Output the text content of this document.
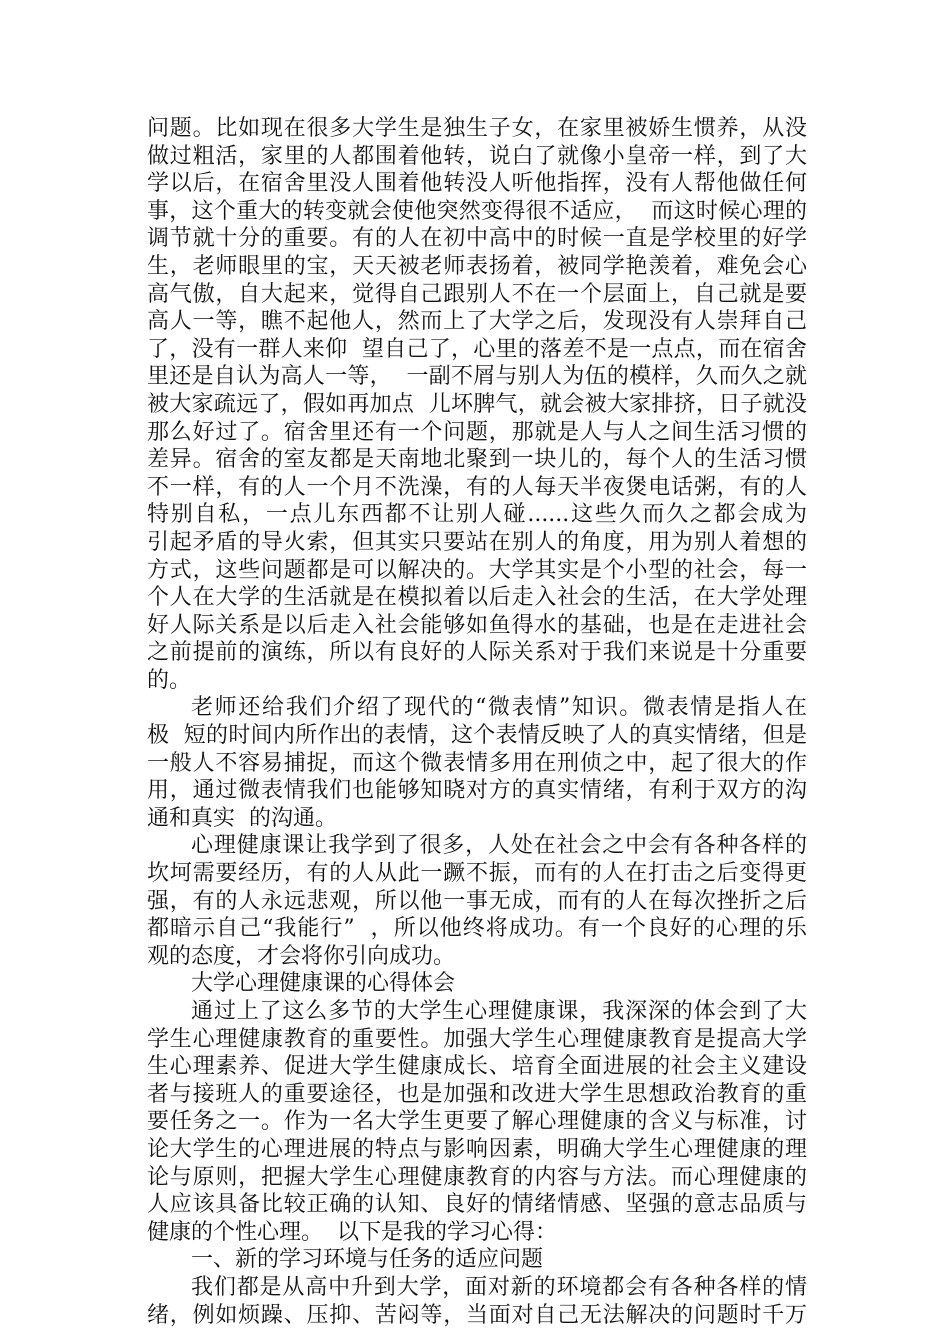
问题。比如现在很多大学生是独生子女，在家里被娇生惯养，从没
做过粗活，家里的人都围着他转，说白了就像小皇帝一样，到了大
学以后，在宿舍里没人围着他转没人听他指挥，没有人帮他做任何
事，这个重大的转变就会使他突然变得很不适应，  而这时候心理的
调节就十分的重要。有的人在初中高中的时候一直是学校里的好学
生，老师眼里的宝，天天被老师表扬着，被同学艳羡着，难免会心
高气傲，自大起来，觉得自己跟别人不在一个层面上，自己就是要
高人一等，瞧不起他人，然而上了大学之后，发现没有人崇拜自己
了，没有一群人来仰  望自己了，心里的落差不是一点点，而在宿舍
里还是自认为高人一等，  一副不屑与别人为伍的模样，久而久之就
被大家疏远了，假如再加点  儿坏脾气，就会被大家排挤，日子就没
那么好过了。宿舍里还有一个问题，那就是人与人之间生活习惯的
差异。宿舍的室友都是天南地北聚到一块儿的，每个人的生活习惯
不一样，有的人一个月不洗澡，有的人每天半夜煲电话粥，有的人
特别自私，一点儿东西都不让别人碰......这些久而久之都会成为
引起矛盾的导火索，但其实只要站在别人的角度，用为别人着想的
方式，这些问题都是可以解决的。大学其实是个小型的社会，每一
个人在大学的生活就是在模拟着以后走入社会的生活，在大学处理
好人际关系是以后走入社会能够如鱼得水的基础，也是在走进社会
之前提前的演练，所以有良好的人际关系对于我们来说是十分重要
的。
老师还给我们介绍了现代的“微表情”知识。微表情是指人在
极  短的时间内所作出的表情，这个表情反映了人的真实情绪，但是
一般人不容易捕捉，而这个微表情多用在刑侦之中，起了很大的作
用，通过微表情我们也能够知晓对方的真实情绪，有利于双方的沟
通和真实  的沟通。
心理健康课让我学到了很多，人处在社会之中会有各种各样的
坎坷需要经历，有的人从此一蹶不振，而有的人在打击之后变得更
强，有的人永远悲观，所以他一事无成，而有的人在每次挫折之后
都暗示自己“我能行”  ，所以他终将成功。有一个良好的心理的乐
观的态度，才会将你引向成功。
大学心理健康课的心得体会
通过上了这么多节的大学生心理健康课，我深深的体会到了大
学生心理健康教育的重要性。加强大学生心理健康教育是提高大学
生心理素养、促进大学生健康成长、培育全面进展的社会主义建设
者与接班人的重要途径，也是加强和改进大学生思想政治教育的重
要任务之一。作为一名大学生更要了解心理健康的含义与标准，讨
论大学生的心理进展的特点与影响因素，明确大学生心理健康的理
论与原则，把握大学生心理健康教育的内容与方法。而心理健康的
人应该具备比较正确的认知、良好的情绪情感、坚强的意志品质与
健康的个性心理。  以下是我的学习心得：
一、新的学习环境与任务的适应问题
我们都是从高中升到大学，面对新的环境都会有各种各样的情
绪，例如烦躁、压抑、苦闷等，当面对自己无法解决的问题时千万
